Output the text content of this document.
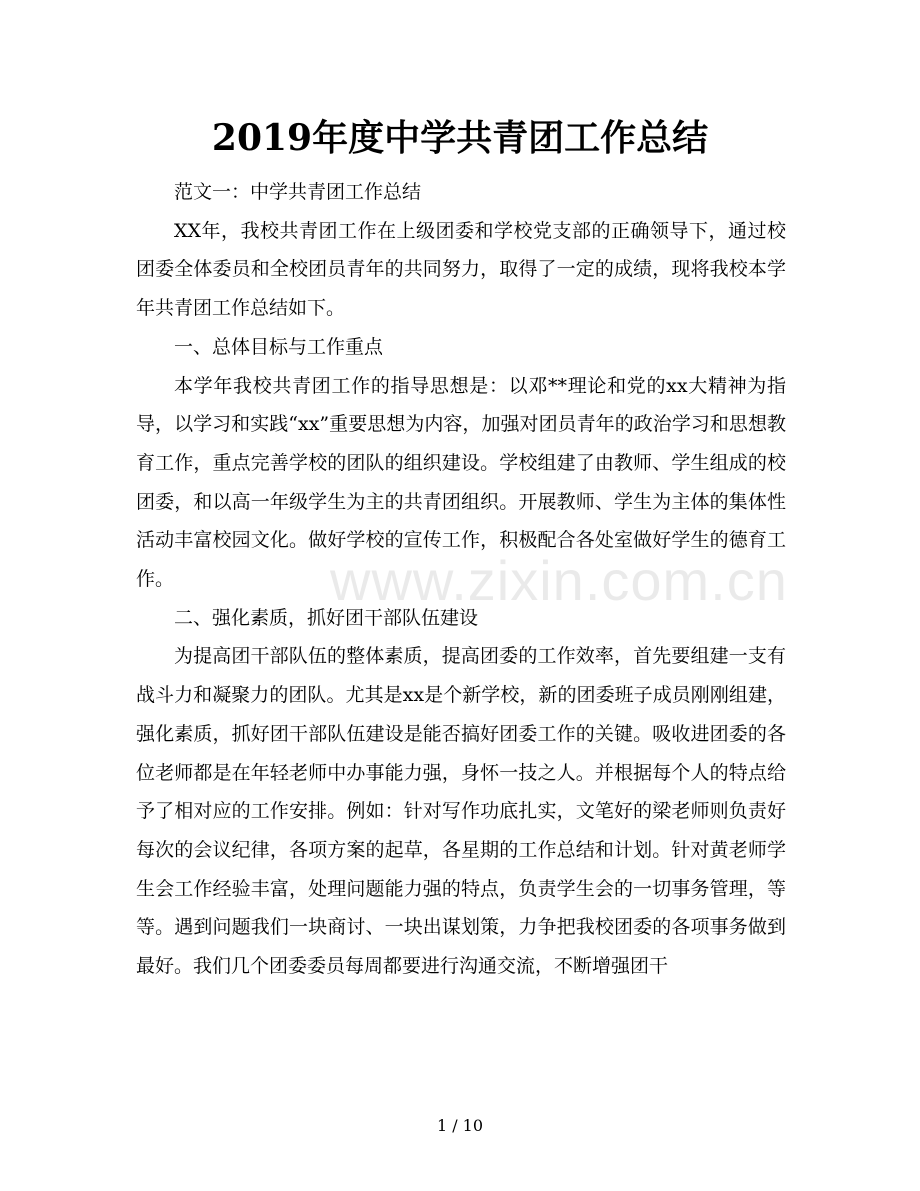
2019年度中学共青团工作总结

范文一：中学共青团工作总结

XX年，我校共青团工作在上级团委和学校党支部的正确领导下，通过校团委全体委员和全校团员青年的共同努力，取得了一定的成绩，现将我校本学年共青团工作总结如下。

一、总体目标与工作重点

本学年我校共青团工作的指导思想是：以邓**理论和党的xx大精神为指导，以学习和实践“xx”重要思想为内容，加强对团员青年的政治学习和思想教育工作，重点完善学校的团队的组织建设。学校组建了由教师、学生组成的校团委，和以高一年级学生为主的共青团组织。开展教师、学生为主体的集体性活动丰富校园文化。做好学校的宣传工作，积极配合各处室做好学生的德育工作。

二、强化素质，抓好团干部队伍建设

为提高团干部队伍的整体素质，提高团委的工作效率，首先要组建一支有战斗力和凝聚力的团队。尤其是xx是个新学校，新的团委班子成员刚刚组建，强化素质，抓好团干部队伍建设是能否搞好团委工作的关键。吸收进团委的各位老师都是在年轻老师中办事能力强，身怀一技之人。并根据每个人的特点给予了相对应的工作安排。例如：针对写作功底扎实，文笔好的梁老师则负责好每次的会议纪律，各项方案的起草，各星期的工作总结和计划。针对黄老师学生会工作经验丰富，处理问题能力强的特点，负责学生会的一切事务管理，等等。遇到问题我们一块商讨、一块出谋划策，力争把我校团委的各项事务做到最好。我们几个团委委员每周都要进行沟通交流，不断增强团干

www.zixin.com.cn
1 / 10
